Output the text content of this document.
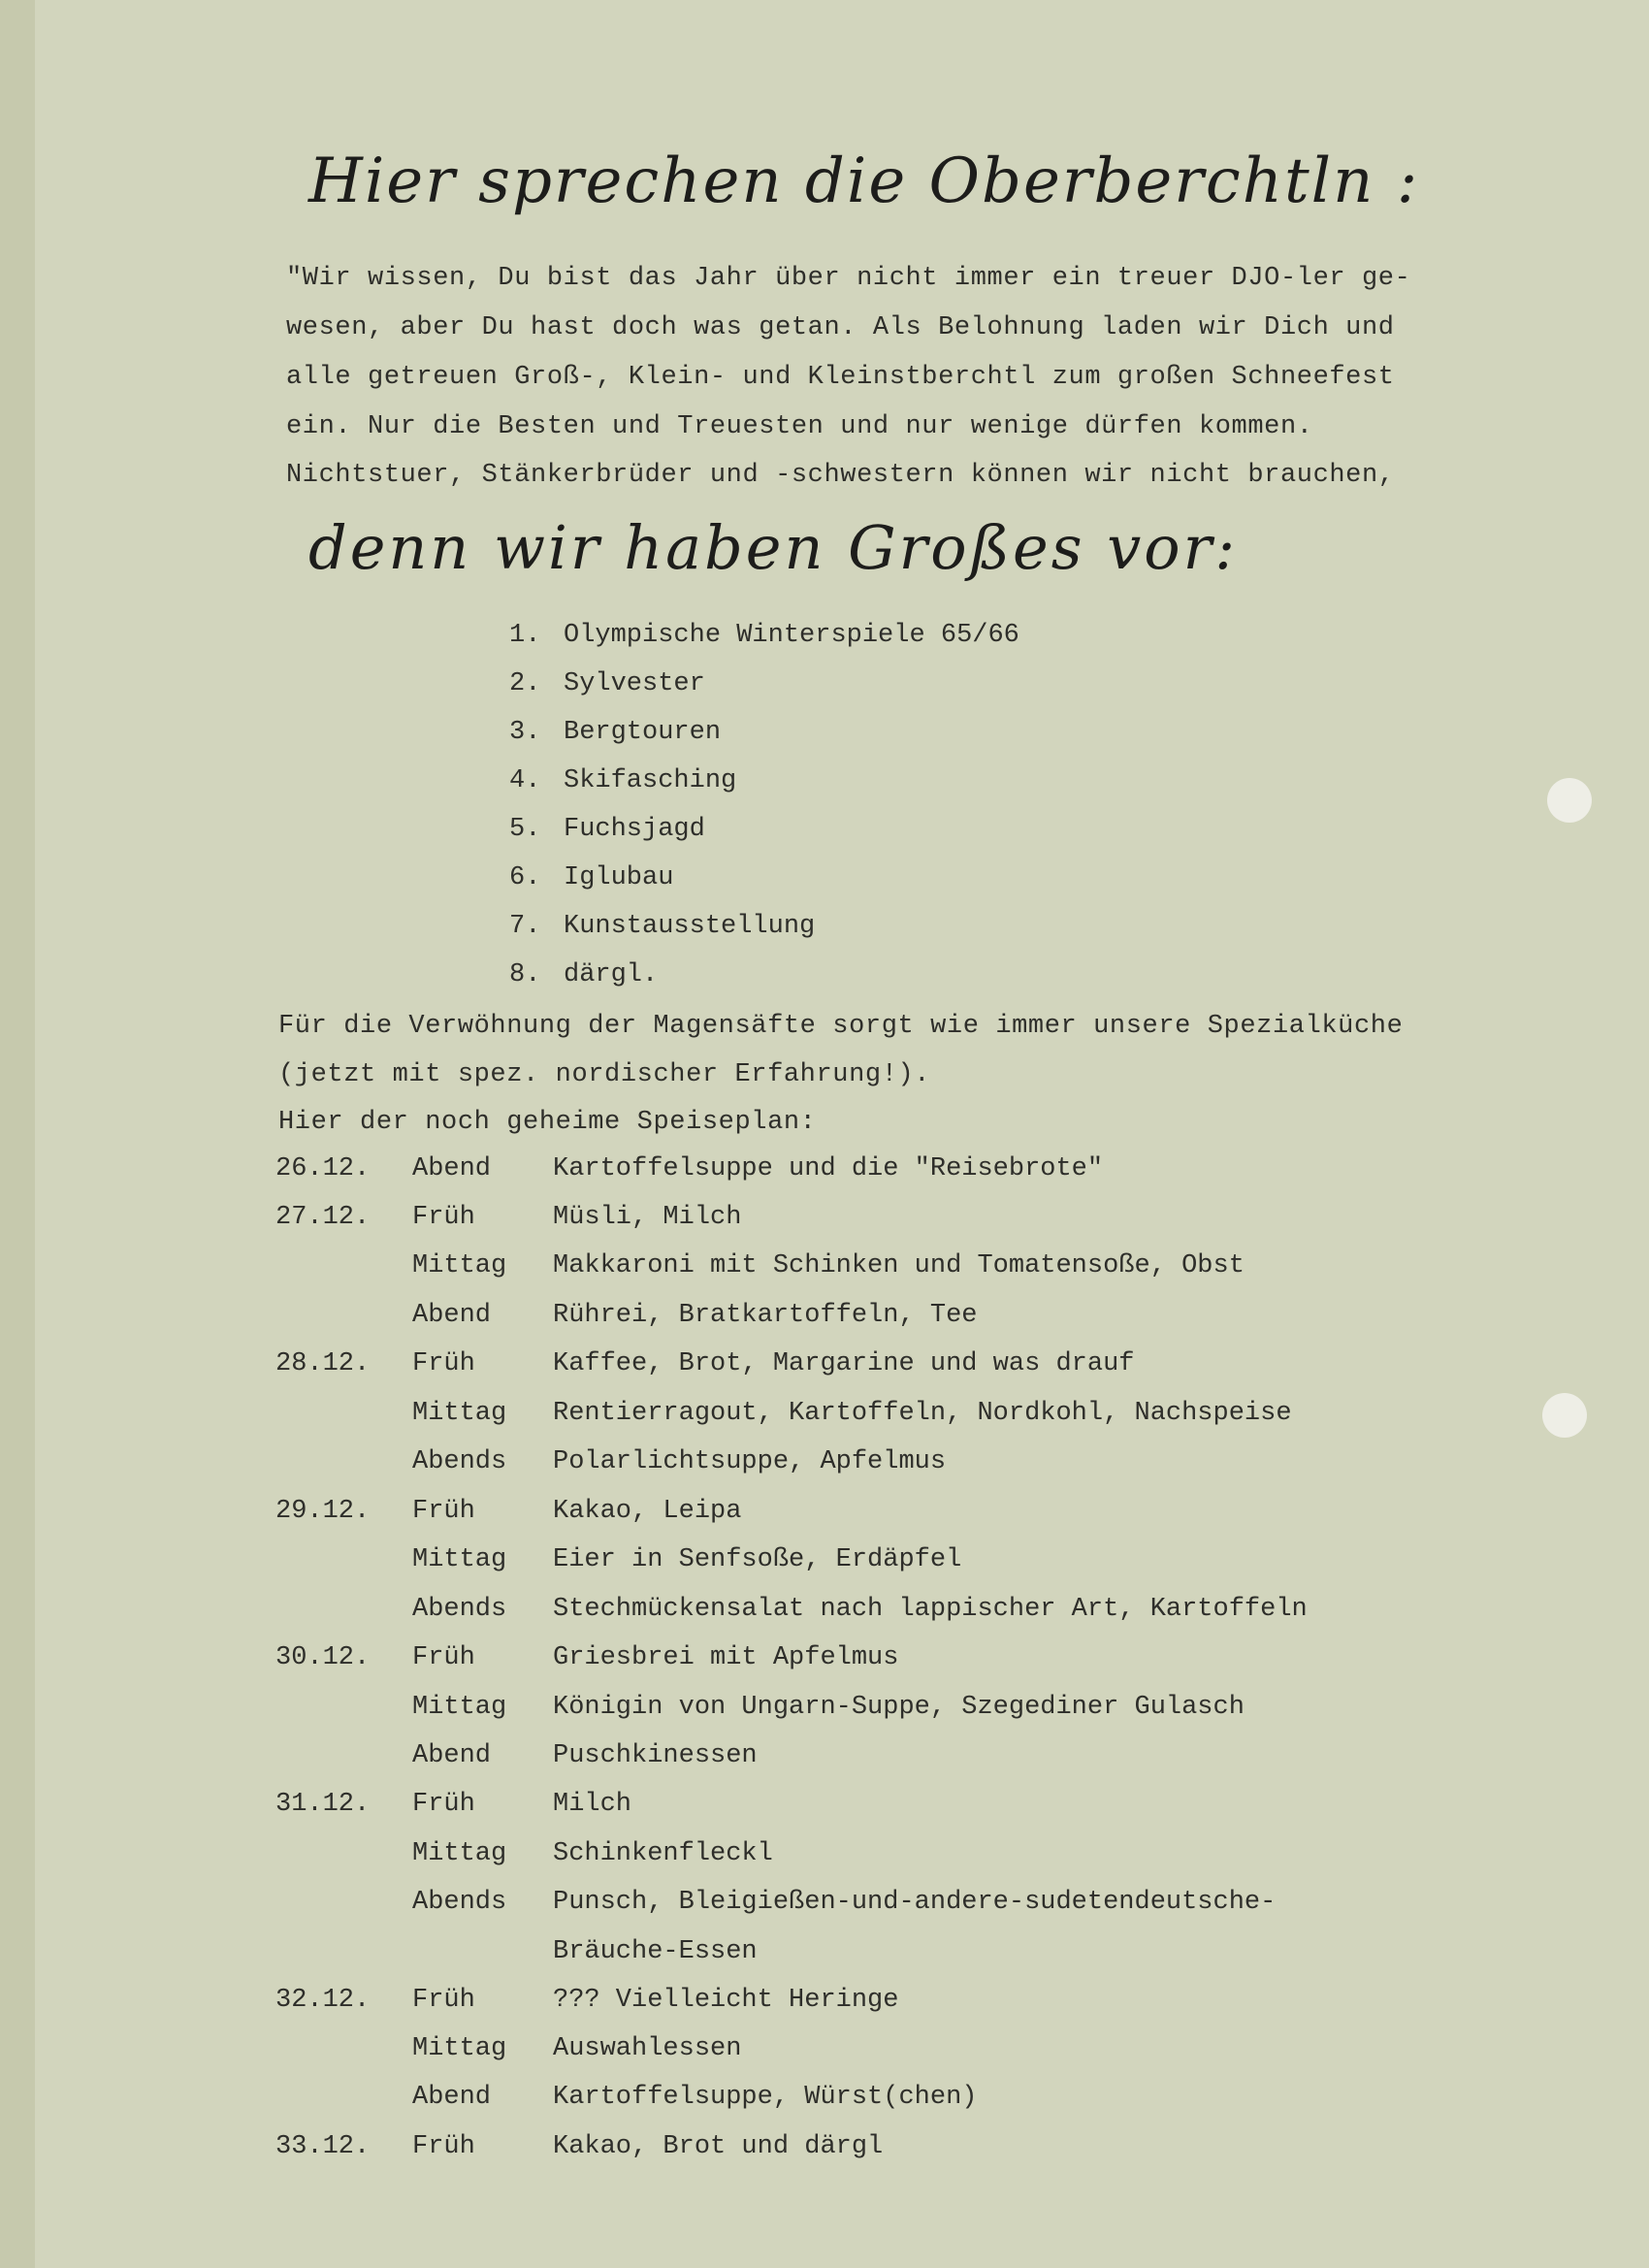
Hier sprechen die Oberberchtln :
"Wir wissen, Du bist das Jahr über nicht immer ein treuer DJO-ler ge-
wesen, aber Du hast doch was getan. Als Belohnung laden wir Dich und
alle getreuen Groß-, Klein- und Kleinstberchtl zum großen Schneefest
ein. Nur die Besten und Treuesten und nur wenige dürfen kommen.
Nichtstuer, Stänkerbrüder und -schwestern können wir nicht brauchen,
denn wir haben Großes vor:
1. Olympische Winterspiele 65/66
2. Sylvester
3. Bergtouren
4. Skifasching
5. Fuchsjagd
6. Iglubau
7. Kunstausstellung
8. därgl.
Für die Verwöhnung der Magensäfte sorgt wie immer unsere Spezialküche
(jetzt mit spez. nordischer Erfahrung!).
Hier der noch geheime Speiseplan:
26.12. Abend Kartoffelsuppe und die "Reisebrote"
27.12. Früh	Müsli, Milch
Mittag Makkaroni mit Schinken und Tomatensoße, Obst
Abend Rührei, Bratkartoffeln, Tee
28.12. Früh	Kaffee, Brot, Margarine und was drauf
Mittag Rentierragout, Kartoffeln, Nordkohl, Nachspeise
Abends Polarlichtsuppe, Apfelmus
29.12. Früh	Kakao, Leipa
Mittag Eier in Senfsoße, Erdäpfel
Abends Stechmückensalat nach lappischer Art, Kartoffeln
30.12. Früh	Griesbrei mit Apfelmus
Mittag Königin von Ungarn-Suppe, Szegediner Gulasch
Abend Puschkinessen
31.12. Früh	Milch
Mittag Schinkenfleckl
Abends Punsch, Bleigießen-und-andere-sudetendeutsche-
Bräuche-Essen
32.12. Früh	??? Vielleicht Heringe
Mittag Auswahlessen
Abend Kartoffelsuppe, Würst(chen)
33.12. Früh	Kakao, Brot und därgl
